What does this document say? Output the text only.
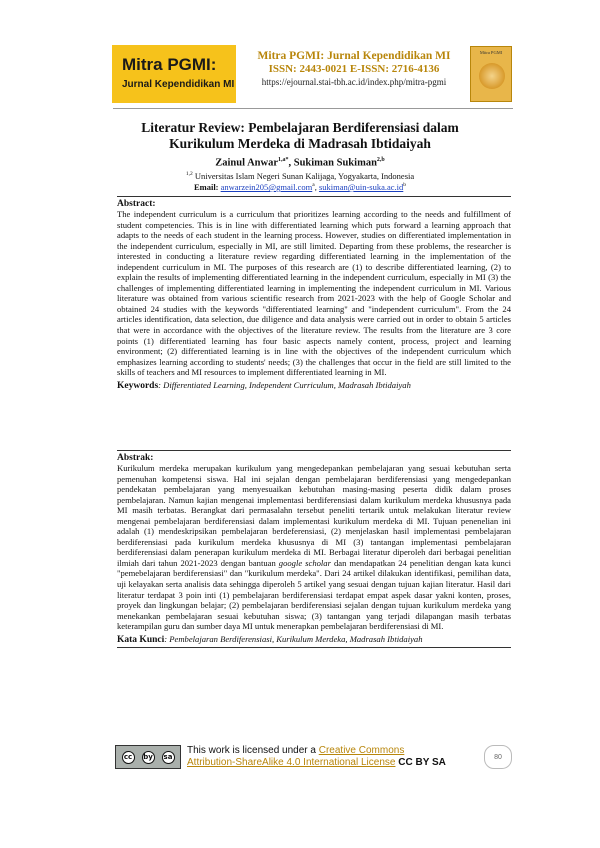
Mitra PGMI:
Jurnal Kependidikan MI
Mitra PGMI: Jurnal Kependidikan MI
ISSN: 2443-0021 E-ISSN: 2716-4136
https://ejournal.stai-tbh.ac.id/index.php/mitra-pgmi
Mitra PGMI
Literatur Review: Pembelajaran Berdiferensiasi dalam
Kurikulum Merdeka di Madrasah Ibtidaiyah
Zainul Anwar$^{1,a*}$, Sukiman Sukiman$^{2,b}$
$^{1,2}$ Universitas Islam Negeri Sunan Kalijaga, Yogyakarta, Indonesia
Email: anwarzein205@gmail.com$^a$, $sukiman@uin-suka.ac.id^b$
Abstract:
The independent curriculum is a curriculum that prioritizes learning according to the needs and fulfillment of student competencies. This is in line with differentiated learning which puts forward a learning approach that adapts to the needs of each student in the learning process. However, studies on differentiated implementation in the independent curriculum, especially in MI, are still limited. Departing from these problems, the researcher is interested in conducting a literature review regarding differentiated learning in the implementation of the independent curriculum in MI. The purposes of this research are (1) to describe differentiated learning, (2) to explain the results of implementing differentiated learning in the independent curriculum, especially in MI (3) the challenges of implementing differentiated learning in implementing the independent curriculum in MI. Various literature was obtained from various scientific research from 2021-2023 with the help of Google Scholar and obtained 24 studies with the keywords "differentiated learning" and "independent curriculum". From the 24 articles identification, data selection, due diligence and data analysis were carried out in order to obtain 5 articles that were in accordance with the objectives of the literature review. The results from the literature are 3 core points (1) differentiated learning has four basic aspects namely content, process, project and learning environment; (2) differentiated learning is in line with the objectives of the independent curriculum which emphasizes learning according to students' needs; (3) the challenges that occur in the field are still limited to the skills of teachers and MI resources to implement differentiated learning in MI.
Keywords: Differentiated Learning, Independent Curriculum, Madrasah Ibtidaiyah
Abstrak:
Kurikulum merdeka merupakan kurikulum yang mengedepankan pembelajaran yang sesuai kebutuhan serta pemenuhan kompetensi siswa. Hal ini sejalan dengan pembelajaran berdiferensiasi yang mengedepankan pendekatan pembelajaran yang menyesuaikan kebutuhan masing-masing peserta didik dalam proses pembelajaran. Namun kajian mengenai implementasi berdiferensiasi dalam kurikulum merdeka khususnya pada MI masih terbatas. Berangkat dari permasalahn tersebut peneliti tertarik untuk melakukan literatur review mengenai pembelajaran berdiferensiasi dalam implementasi kurikulum merdeka di MI. Tujuan penenelian ini adalah (1) mendeskripsikan pembelajaran berdeferensiasi, (2) menjelaskan hasil implementasi pembelajaran berdiferensiasi pada kurikulum merdeka khususnya di MI (3) tantangan implementasi pembelajaran berdiferensiasi dalam penerapan kurikulum merdeka di MI. Berbagai literatur diperoleh dari berbagai penelitian ilmiah dari tahun 2021-2023 dengan bantuan google scholar dan mendapatkan 24 penelitian dengan kata kunci "pemebelajaran berdiferensiasi" dan "kurikulum merdeka". Dari 24 artikel dilakukan identifikasi, pemilihan data, uji kelayakan serta analisis data sehingga diperoleh 5 artikel yang sesuai dengan tujuan kajian literatur. Hasil dari literatur terdapat 3 poin inti (1) pembelajaran berdiferensiasi terdapat empat aspek dasar yakni konten, proses, proyek dan lingkungan belajar; (2) pembelajaran berdiferensiasi sejalan dengan tujuan kurikulum merdeka yang menekankan pembelajaran sesuai kebutuhan siswa; (3) tantangan yang terjadi dilapangan masih terbatas keterampilan guru dan sumber daya MI untuk menerapkan pembelajaran berdiferensiasi di MI.
Kata Kunci: Pembelajaran Berdiferensiasi, Kurikulum Merdeka, Madrasah Ibtidaiyah
cc	by sa
This work is licensed under a Creative Commons
Attribution-ShareAlike 4.0 International License CC BY SA	80
